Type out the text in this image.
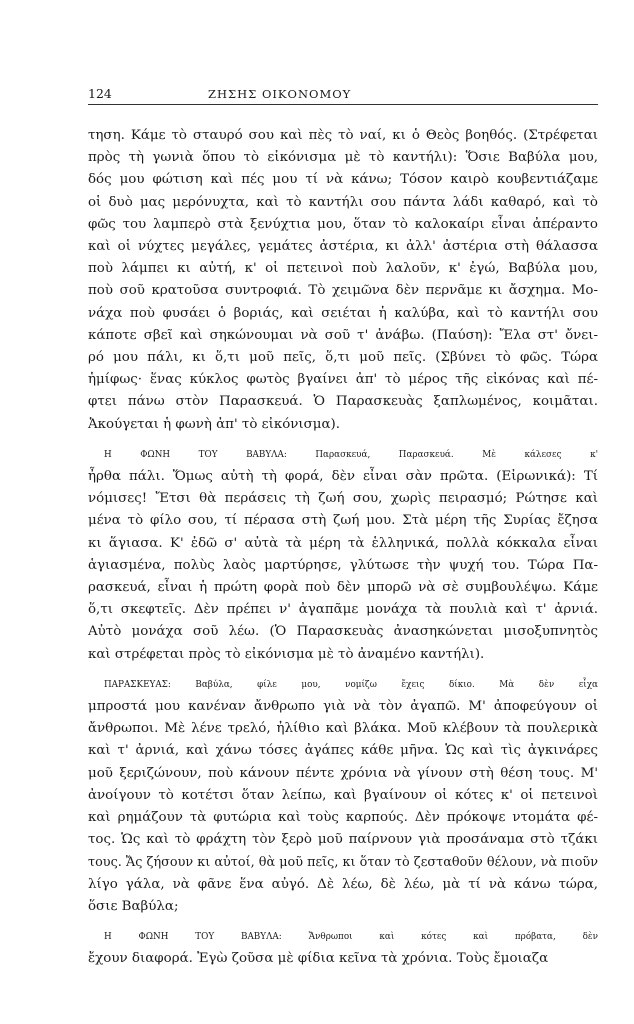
124	ΖΗΣΗΣ ΟΙΚΟΝΟΜΟΥ
τηση. Κάμε τὸ σταυρό σου καὶ πὲς τὸ ναί, κι ὁ Θεὸς βοηθός. (Στρέφεται
πρὸς τὴ γωνιὰ ὅπου τὸ εἰκόνισμα μὲ τὸ καντήλι): Ὅσιε Βαβύλα μου,
δός μου φώτιση καὶ πές μου τί νὰ κάνω; Τόσον καιρὸ κουβεντιάζαμε
οἱ δυὸ μας μερόνυχτα, καὶ τὸ καντήλι σου πάντα λάδι καθαρό, καὶ τὸ
φῶς του λαμπερὸ στὰ ξενύχτια μου, ὅταν τὸ καλοκαίρι εἶναι ἀπέραντο
καὶ οἱ νύχτες μεγάλες, γεμάτες ἀστέρια, κι ἀλλ' ἀστέρια στὴ θάλασσα
ποὺ λάμπει κι αὐτή, κ' οἱ πετεινοὶ ποὺ λαλοῦν, κ' ἐγώ, Βαβύλα μου,
ποὺ σοῦ κρατοῦσα συντροφιά. Τὸ χειμῶνα δὲν περνᾶμε κι ἄσχημα. Μο-
νάχα ποὺ φυσάει ὁ βοριάς, καὶ σειέται ἡ καλύβα, καὶ τὸ καντήλι σου
κάποτε σβεῖ καὶ σηκώνουμαι νὰ σοῦ τ' ἀνάβω. (Παύση): Ἔλα στ' ὄνει-
ρό μου πάλι, κι ὅ,τι μοῦ πεῖς, ὅ,τι μοῦ πεῖς. (Σβύνει τὸ φῶς. Τώρα
ἡμίφως· ἕνας κύκλος φωτὸς βγαίνει ἀπ' τὸ μέρος τῆς εἰκόνας καὶ πέ-
φτει πάνω στὸν Παρασκευά. Ὁ Παρασκευὰς ξαπλωμένος, κοιμᾶται.
Ἀκούγεται ἡ φωνὴ ἀπ' τὸ εἰκόνισμα).
Η ΦΩΝΗ ΤΟΥ ΒΑΒΥΛΑ: Παρασκευά, Παρασκευά. Μὲ κάλεσες κ'
ἦρθα πάλι. Ὅμως αὐτὴ τὴ φορά, δὲν εἶναι σὰν πρῶτα. (Εἰρωνικά): Τί
νόμισες! Ἔτσι θὰ περάσεις τὴ ζωή σου, χωρὶς πειρασμό; Ρώτησε καὶ
μένα τὸ φίλο σου, τί πέρασα στὴ ζωή μου. Στὰ μέρη τῆς Συρίας ἔζησα
κι ἅγιασα. Κ' ἐδῶ σ' αὐτὰ τὰ μέρη τὰ ἑλληνικά, πολλὰ κόκκαλα εἶναι
ἁγιασμένα, πολὺς λαὸς μαρτύρησε, γλύτωσε τὴν ψυχή του. Τώρα Πα-
ρασκευά, εἶναι ἡ πρώτη φορὰ ποὺ δὲν μπορῶ νὰ σὲ συμβουλέψω. Κάμε
ὅ,τι σκεφτεῖς. Δὲν πρέπει ν' ἀγαπᾶμε μονάχα τὰ πουλιὰ καὶ τ' ἀρνιά.
Αὐτὸ μονάχα σοῦ λέω. (Ὁ Παρασκευὰς ἀνασηκώνεται μισοξυπνητὸς
καὶ στρέφεται πρὸς τὸ εἰκόνισμα μὲ τὸ ἀναμένο καντήλι).
ΠΑΡΑΣΚΕΥΑΣ: Βαβύλα, φίλε μου, νομίζω ἔχεις δίκιο. Μὰ δὲν εἶχα
μπροστά μου κανέναν ἄνθρωπο γιὰ νὰ τὸν ἀγαπῶ. Μ' ἀποφεύγουν οἱ
ἄνθρωποι. Μὲ λένε τρελό, ἠλίθιο καὶ βλάκα. Μοῦ κλέβουν τὰ πουλερικὰ
καὶ τ' ἀρνιά, καὶ χάνω τόσες ἀγάπες κάθε μῆνα. Ὡς καὶ τὶς ἀγκινάρες
μοῦ ξεριζώνουν, ποὺ κάνουν πέντε χρόνια νὰ γίνουν στὴ θέση τους. Μ'
ἀνοίγουν τὸ κοτέτσι ὅταν λείπω, καὶ βγαίνουν οἱ κότες κ' οἱ πετεινοὶ
καὶ ρημάζουν τὰ φυτώρια καὶ τοὺς καρπούς. Δὲν πρόκοψε ντομάτα φέ-
τος. Ὡς καὶ τὸ φράχτη τὸν ξερὸ μοῦ παίρνουν γιὰ προσάναμα στὸ τζάκι
τους. Ἄς ζήσουν κι αὐτοί, θὰ μοῦ πεῖς, κι ὅταν τὸ ζεσταθοῦν θέλουν, νὰ πιοῦν
λίγο γάλα, νὰ φᾶνε ἕνα αὐγό. Δὲ λέω, δὲ λέω, μὰ τί νὰ κάνω τώρα,
ὅσιε Βαβύλα;
Η ΦΩΝΗ ΤΟΥ ΒΑΒΥΛΑ: Ἄνθρωποι καὶ κότες καὶ πρόβατα, δὲν
ἔχουν διαφορά. Ἐγὼ ζοῦσα μὲ φίδια κεῖνα τὰ χρόνια. Τοὺς ἔμοιαζα
